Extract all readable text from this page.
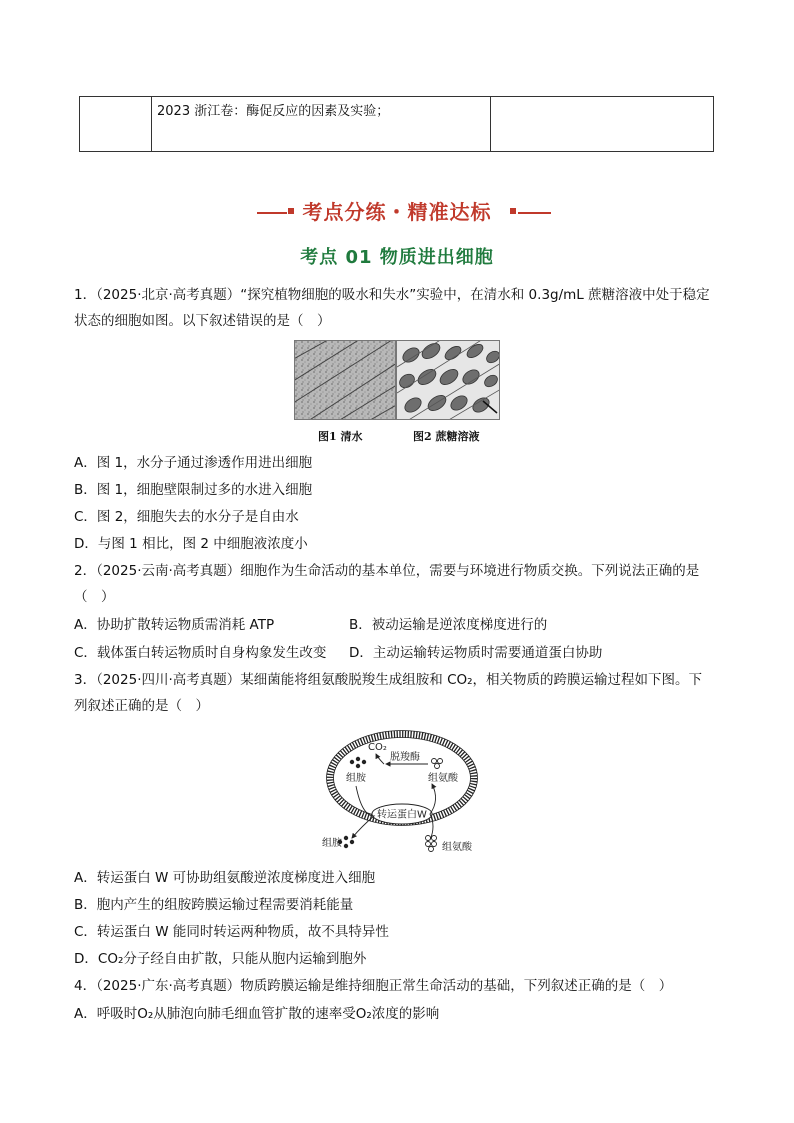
2023 浙江卷：酶促反应的因素及实验；
考点分练・精准达标
考点 01 物质进出细胞
1．（2025·北京·高考真题）“探究植物细胞的吸水和失水”实验中，在清水和 0.3g/mL 蔗糖溶液中处于稳定
状态的细胞如图。以下叙述错误的是（　）
图1 清水	图2 蔗糖溶液
A．图 1，水分子通过渗透作用进出细胞
B．图 1，细胞壁限制过多的水进入细胞
C．图 2，细胞失去的水分子是自由水
D．与图 1 相比，图 2 中细胞液浓度小
2．（2025·云南·高考真题）细胞作为生命活动的基本单位，需要与环境进行物质交换。下列说法正确的是
（　）
A．协助扩散转运物质需消耗 ATP	B．被动运输是逆浓度梯度进行的
C．载体蛋白转运物质时自身构象发生改变 D．主动运输转运物质时需要通道蛋白协助
3．（2025·四川·高考真题）某细菌能将组氨酸脱羧生成组胺和 CO₂，相关物质的跨膜运输过程如下图。下
列叙述正确的是（　）
转运蛋白W
CO₂
脱羧酶
组胺	组氨酸
组胺	组氨酸
A．转运蛋白 W 可协助组氨酸逆浓度梯度进入细胞
B．胞内产生的组胺跨膜运输过程需要消耗能量
C．转运蛋白 W 能同时转运两种物质，故不具特异性
D．CO₂分子经自由扩散，只能从胞内运输到胞外
4．（2025·广东·高考真题）物质跨膜运输是维持细胞正常生命活动的基础，下列叙述正确的是（　）
A．呼吸时O₂从肺泡向肺毛细血管扩散的速率受O₂浓度的影响
